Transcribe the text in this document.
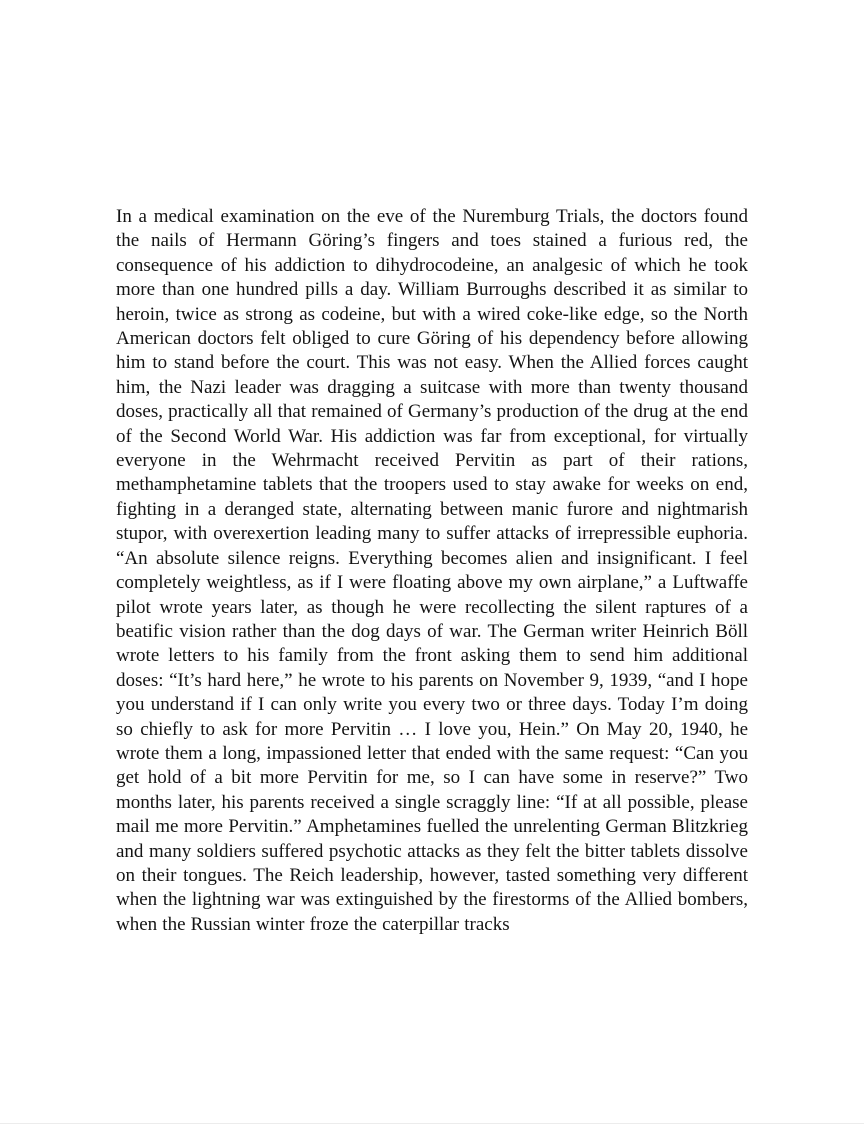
In a medical examination on the eve of the Nuremburg Trials, the doctors found the nails of Hermann Göring’s fingers and toes stained a furious red, the consequence of his addiction to dihydrocodeine, an analgesic of which he took more than one hundred pills a day. William Burroughs described it as similar to heroin, twice as strong as codeine, but with a wired coke-like edge, so the North American doctors felt obliged to cure Göring of his dependency before allowing him to stand before the court. This was not easy. When the Allied forces caught him, the Nazi leader was dragging a suitcase with more than twenty thousand doses, practically all that remained of Germany’s production of the drug at the end of the Second World War. His addiction was far from exceptional, for virtually everyone in the Wehrmacht received Pervitin as part of their rations, methamphetamine tablets that the troopers used to stay awake for weeks on end, fighting in a deranged state, alternating between manic furore and nightmarish stupor, with overexertion leading many to suffer attacks of irrepressible euphoria. “An absolute silence reigns. Everything becomes alien and insignificant. I feel completely weightless, as if I were floating above my own airplane,” a Luftwaffe pilot wrote years later, as though he were recollecting the silent raptures of a beatific vision rather than the dog days of war. The German writer Heinrich Böll wrote letters to his family from the front asking them to send him additional doses: “It’s hard here,” he wrote to his parents on November 9, 1939, “and I hope you understand if I can only write you every two or three days. Today I’m doing so chiefly to ask for more Pervitin … I love you, Hein.” On May 20, 1940, he wrote them a long, impassioned letter that ended with the same request: “Can you get hold of a bit more Pervitin for me, so I can have some in reserve?” Two months later, his parents received a single scraggly line: “If at all possible, please mail me more Pervitin.” Amphetamines fuelled the unrelenting German Blitzkrieg and many soldiers suffered psychotic attacks as they felt the bitter tablets dissolve on their tongues. The Reich leadership, however, tasted something very different when the lightning war was extinguished by the firestorms of the Allied bombers, when the Russian winter froze the caterpillar tracks
